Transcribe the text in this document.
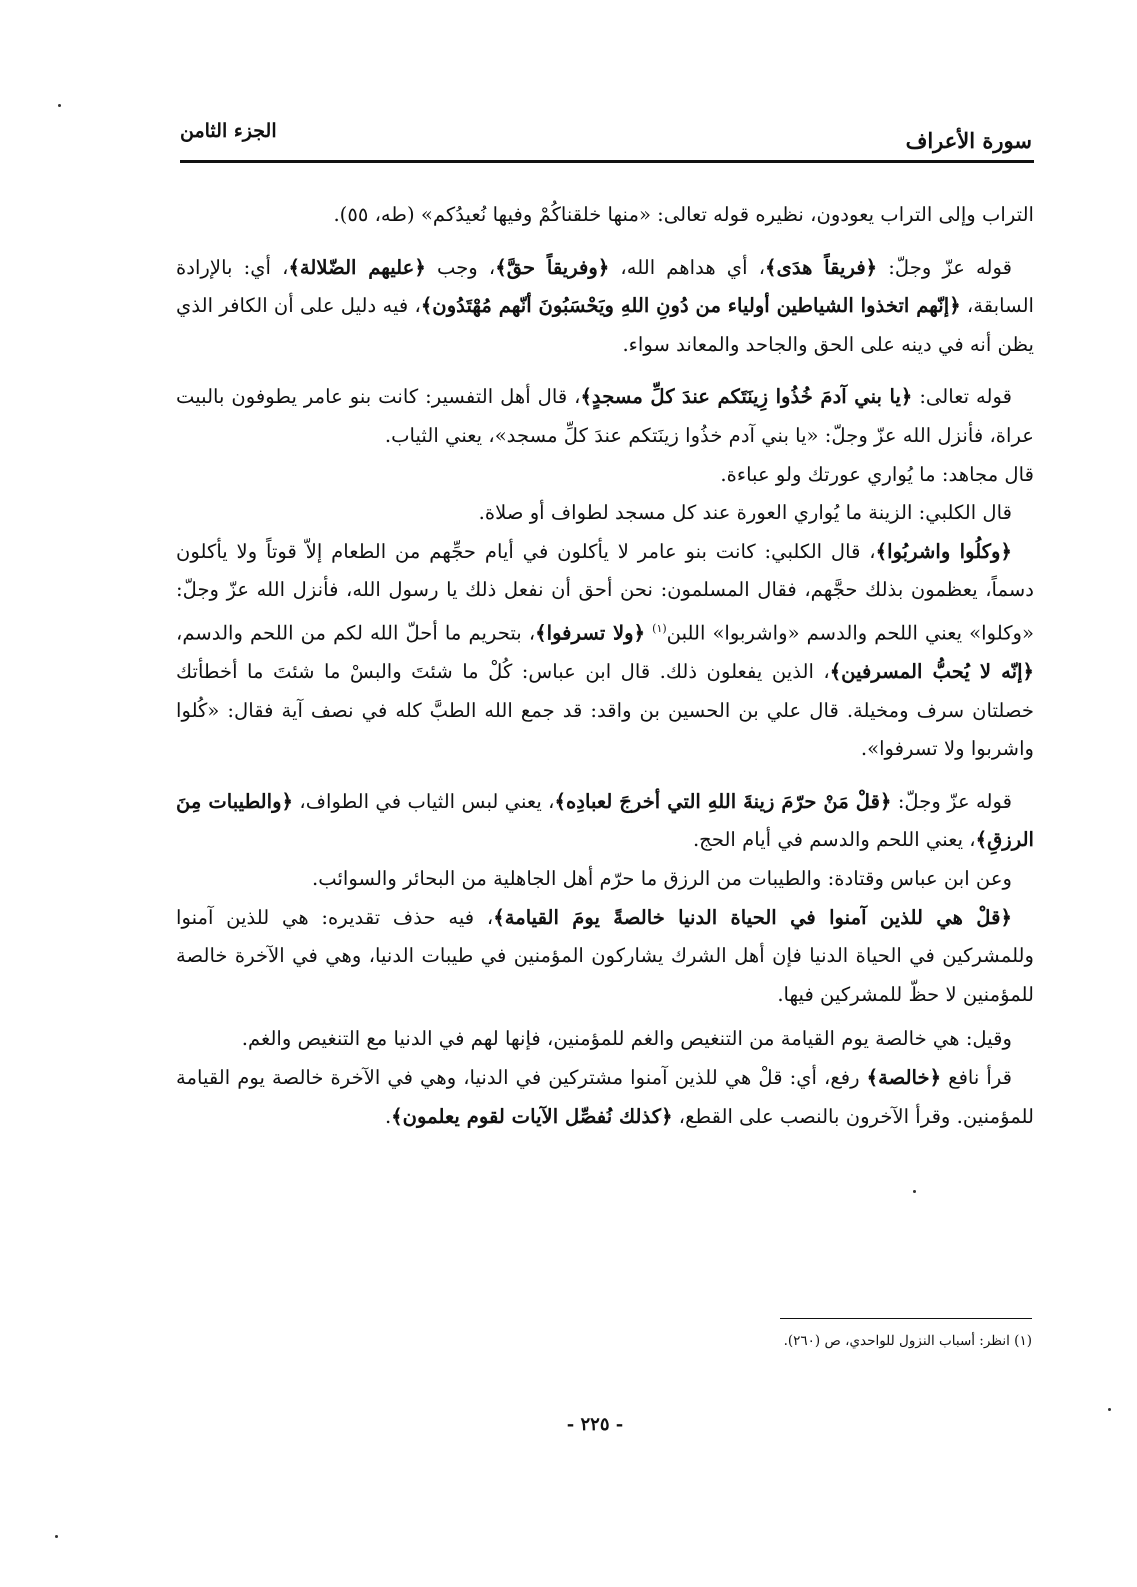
سورة الأعراف
الجزء الثامن

التراب وإلى التراب يعودون، نظيره قوله تعالى: «منها خلقناكُمْ وفيها نُعيدُكم» (طه، ٥٥).

قوله عزّ وجلّ: ﴿فريقاً هدَى﴾، أي هداهم الله، ﴿وفريقاً حقَّ﴾، وجب ﴿عليهم الضّلالة﴾، أي: بالإرادة السابقة، ﴿إنّهم اتخذوا الشياطين أولياء من دُونِ اللهِ ويَحْسَبُونَ أنّهم مُهْتَدُون﴾، فيه دليل على أن الكافر الذي يظن أنه في دينه على الحق والجاحد والمعاند سواء.

قوله تعالى: ﴿يا بني آدمَ خُذُوا زِينَتَكم عندَ كلِّ مسجدٍ﴾، قال أهل التفسير: كانت بنو عامر يطوفون بالبيت عراة، فأنزل الله عزّ وجلّ: «يا بني آدم خذُوا زينَتكم عندَ كلِّ مسجد»، يعني الثياب.

قال مجاهد: ما يُواري عورتك ولو عباءة.

قال الكلبي: الزينة ما يُواري العورة عند كل مسجد لطواف أو صلاة.

﴿وكلُوا واشربُوا﴾، قال الكلبي: كانت بنو عامر لا يأكلون في أيام حجِّهم من الطعام إلاّ قوتاً ولا يأكلون دسماً، يعظمون بذلك حجَّهم، فقال المسلمون: نحن أحق أن نفعل ذلك يا رسول الله، فأنزل الله عزّ وجلّ: «وكلوا» يعني اللحم والدسم «واشربوا» اللبن$^{(١)}$ ﴿ولا تسرفوا﴾، بتحريم ما أحلّ الله لكم من اللحم والدسم، ﴿إنّه لا يُحبُّ المسرفين﴾، الذين يفعلون ذلك. قال ابن عباس: كُلْ ما شئتَ والبسْ ما شئتَ ما أخطأتك خصلتان سرف ومخيلة. قال علي بن الحسين بن واقد: قد جمع الله الطبَّ كله في نصف آية فقال: «كُلوا واشربوا ولا تسرفوا».

قوله عزّ وجلّ: ﴿قلْ مَنْ حرّمَ زينةَ اللهِ التي أخرجَ لعبادِه﴾، يعني لبس الثياب في الطواف، ﴿والطيبات مِنَ الرزقِ﴾، يعني اللحم والدسم في أيام الحج.

وعن ابن عباس وقتادة: والطيبات من الرزق ما حرّم أهل الجاهلية من البحائر والسوائب.

﴿قلْ هي للذين آمنوا في الحياة الدنيا خالصةً يومَ القيامة﴾، فيه حذف تقديره: هي للذين آمنوا وللمشركين في الحياة الدنيا فإن أهل الشرك يشاركون المؤمنين في طيبات الدنيا، وهي في الآخرة خالصة للمؤمنين لا حظّ للمشركين فيها.

وقيل: هي خالصة يوم القيامة من التنغيص والغم للمؤمنين، فإنها لهم في الدنيا مع التنغيص والغم.

قرأ نافع ﴿خالصة﴾ رفع، أي: قلْ هي للذين آمنوا مشتركين في الدنيا، وهي في الآخرة خالصة يوم القيامة للمؤمنين. وقرأ الآخرون بالنصب على القطع، ﴿كذلك نُفصِّل الآيات لقوم يعلمون﴾.

(١) انظر: أسباب النزول للواحدي، ص (٢٦٠).
- ٢٢٥ -
